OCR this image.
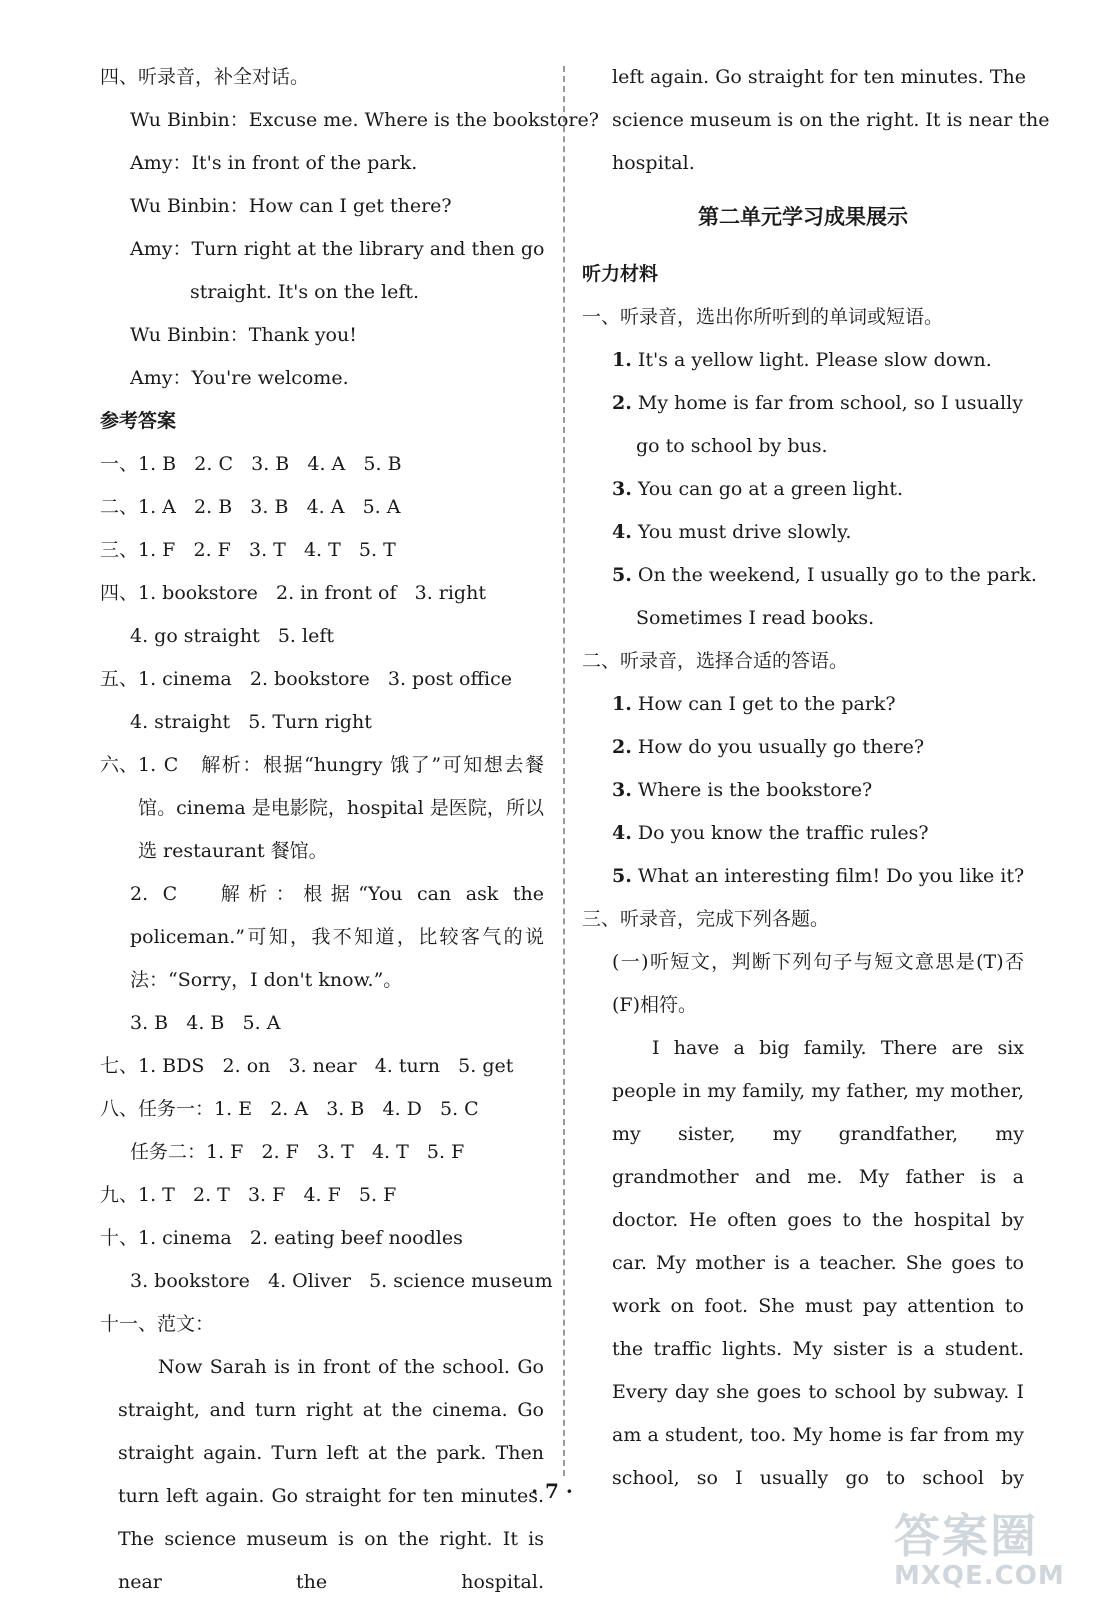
四、听录音，补全对话。
Wu Binbin：Excuse me. Where is the bookstore?
Amy：It's in front of the park.
Wu Binbin：How can I get there?
Amy：Turn right at the library and then go
straight. It's on the left.
Wu Binbin：Thank you!
Amy：You're welcome.
参考答案
一、1. B 2. C 3. B 4. A 5. B
二、1. A 2. B 3. B 4. A 5. A
三、1. F 2. F 3. T 4. T 5. T
四、1. bookstore 2. in front of 3. right
4. go straight 5. left
五、1. cinema 2. bookstore 3. post office
4. straight 5. Turn right
六、 1. C 解析：根据“hungry 饿了”可知想去餐馆。cinema 是电影院，hospital 是医院，所以选 restaurant 餐馆。
2. C 解析：根据“You can ask the policeman.”可知，我不知道，比较客气的说法：“Sorry，I don't know.”。
3. B 4. B 5. A
七、1. BDS 2. on 3. near 4. turn 5. get
八、任务一：1. E 2. A 3. B 4. D 5. C
任务二：1. F 2. F 3. T 4. T 5. F
九、1. T 2. T 3. F 4. F 5. F
十、1. cinema 2. eating beef noodles
3. bookstore 4. Oliver 5. science museum
十一、范文：
Now Sarah is in front of the school. Go straight, and turn right at the cinema. Go straight again. Turn left at the park. Then turn left again. Go straight for ten minutes. The science museum is on the right. It is near the hospital.
left again. Go straight for ten minutes. The
science museum is on the right. It is near the
hospital.
第二单元学习成果展示
听力材料
一、听录音，选出你所听到的单词或短语。
1. It's a yellow light. Please slow down.
2. My home is far from school, so I usually
go to school by bus.
3. You can go at a green light.
4. You must drive slowly.
5. On the weekend, I usually go to the park.
Sometimes I read books.
二、听录音，选择合适的答语。
1. How can I get to the park?
2. How do you usually go there?
3. Where is the bookstore?
4. Do you know the traffic rules?
5. What an interesting film! Do you like it?
三、听录音，完成下列各题。
(一)听短文，判断下列句子与短文意思是(T)否(F)相符。
I have a big family. There are six people in my family, my father, my mother, my sister, my grandfather, my grandmother and me. My father is a doctor. He often goes to the hospital by car. My mother is a teacher. She goes to work on foot. She must pay attention to the traffic lights. My sister is a student. Every day she goes to school by subway. I am a student, too. My home is far from my school, so I usually go to school by
· 7 ·
答案圈
MXQE.COM
